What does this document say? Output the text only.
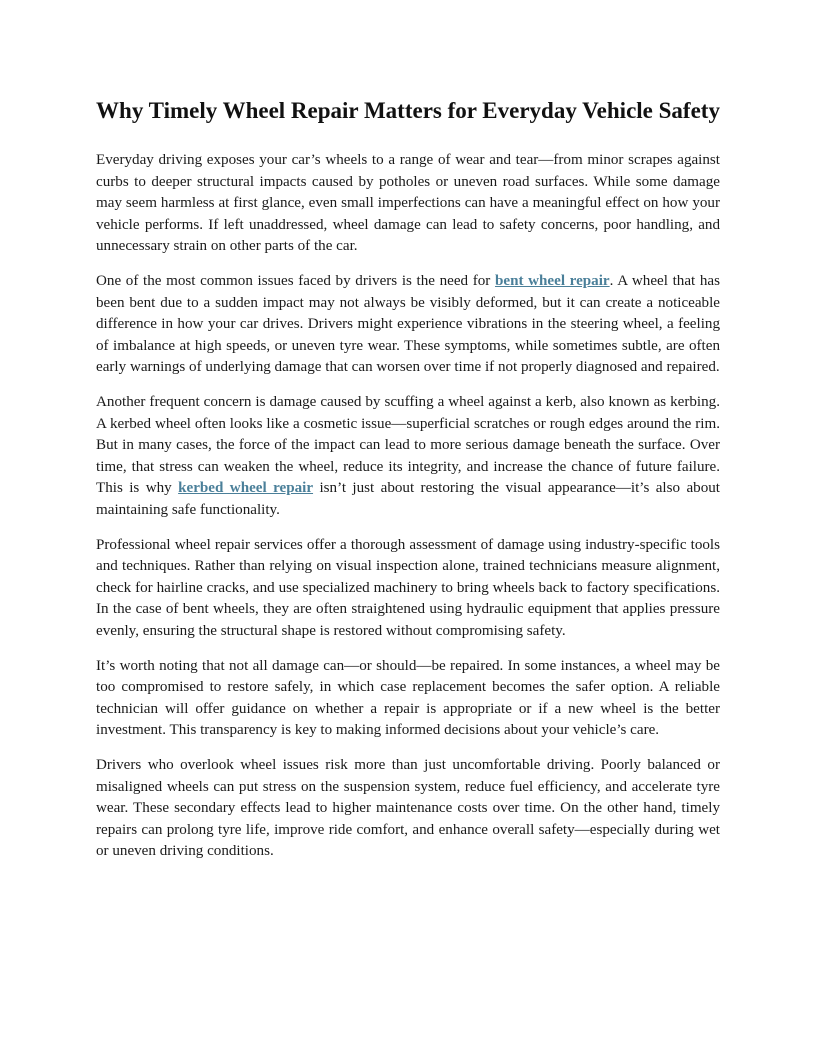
Why Timely Wheel Repair Matters for Everyday Vehicle Safety

Everyday driving exposes your car’s wheels to a range of wear and tear—from minor scrapes against curbs to deeper structural impacts caused by potholes or uneven road surfaces. While some damage may seem harmless at first glance, even small imperfections can have a meaningful effect on how your vehicle performs. If left unaddressed, wheel damage can lead to safety concerns, poor handling, and unnecessary strain on other parts of the car.

One of the most common issues faced by drivers is the need for bent wheel repair. A wheel that has been bent due to a sudden impact may not always be visibly deformed, but it can create a noticeable difference in how your car drives. Drivers might experience vibrations in the steering wheel, a feeling of imbalance at high speeds, or uneven tyre wear. These symptoms, while sometimes subtle, are often early warnings of underlying damage that can worsen over time if not properly diagnosed and repaired.

Another frequent concern is damage caused by scuffing a wheel against a kerb, also known as kerbing. A kerbed wheel often looks like a cosmetic issue—superficial scratches or rough edges around the rim. But in many cases, the force of the impact can lead to more serious damage beneath the surface. Over time, that stress can weaken the wheel, reduce its integrity, and increase the chance of future failure. This is why kerbed wheel repair isn’t just about restoring the visual appearance—it’s also about maintaining safe functionality.

Professional wheel repair services offer a thorough assessment of damage using industry-specific tools and techniques. Rather than relying on visual inspection alone, trained technicians measure alignment, check for hairline cracks, and use specialized machinery to bring wheels back to factory specifications. In the case of bent wheels, they are often straightened using hydraulic equipment that applies pressure evenly, ensuring the structural shape is restored without compromising safety.

It’s worth noting that not all damage can—or should—be repaired. In some instances, a wheel may be too compromised to restore safely, in which case replacement becomes the safer option. A reliable technician will offer guidance on whether a repair is appropriate or if a new wheel is the better investment. This transparency is key to making informed decisions about your vehicle’s care.

Drivers who overlook wheel issues risk more than just uncomfortable driving. Poorly balanced or misaligned wheels can put stress on the suspension system, reduce fuel efficiency, and accelerate tyre wear. These secondary effects lead to higher maintenance costs over time. On the other hand, timely repairs can prolong tyre life, improve ride comfort, and enhance overall safety—especially during wet or uneven driving conditions.
